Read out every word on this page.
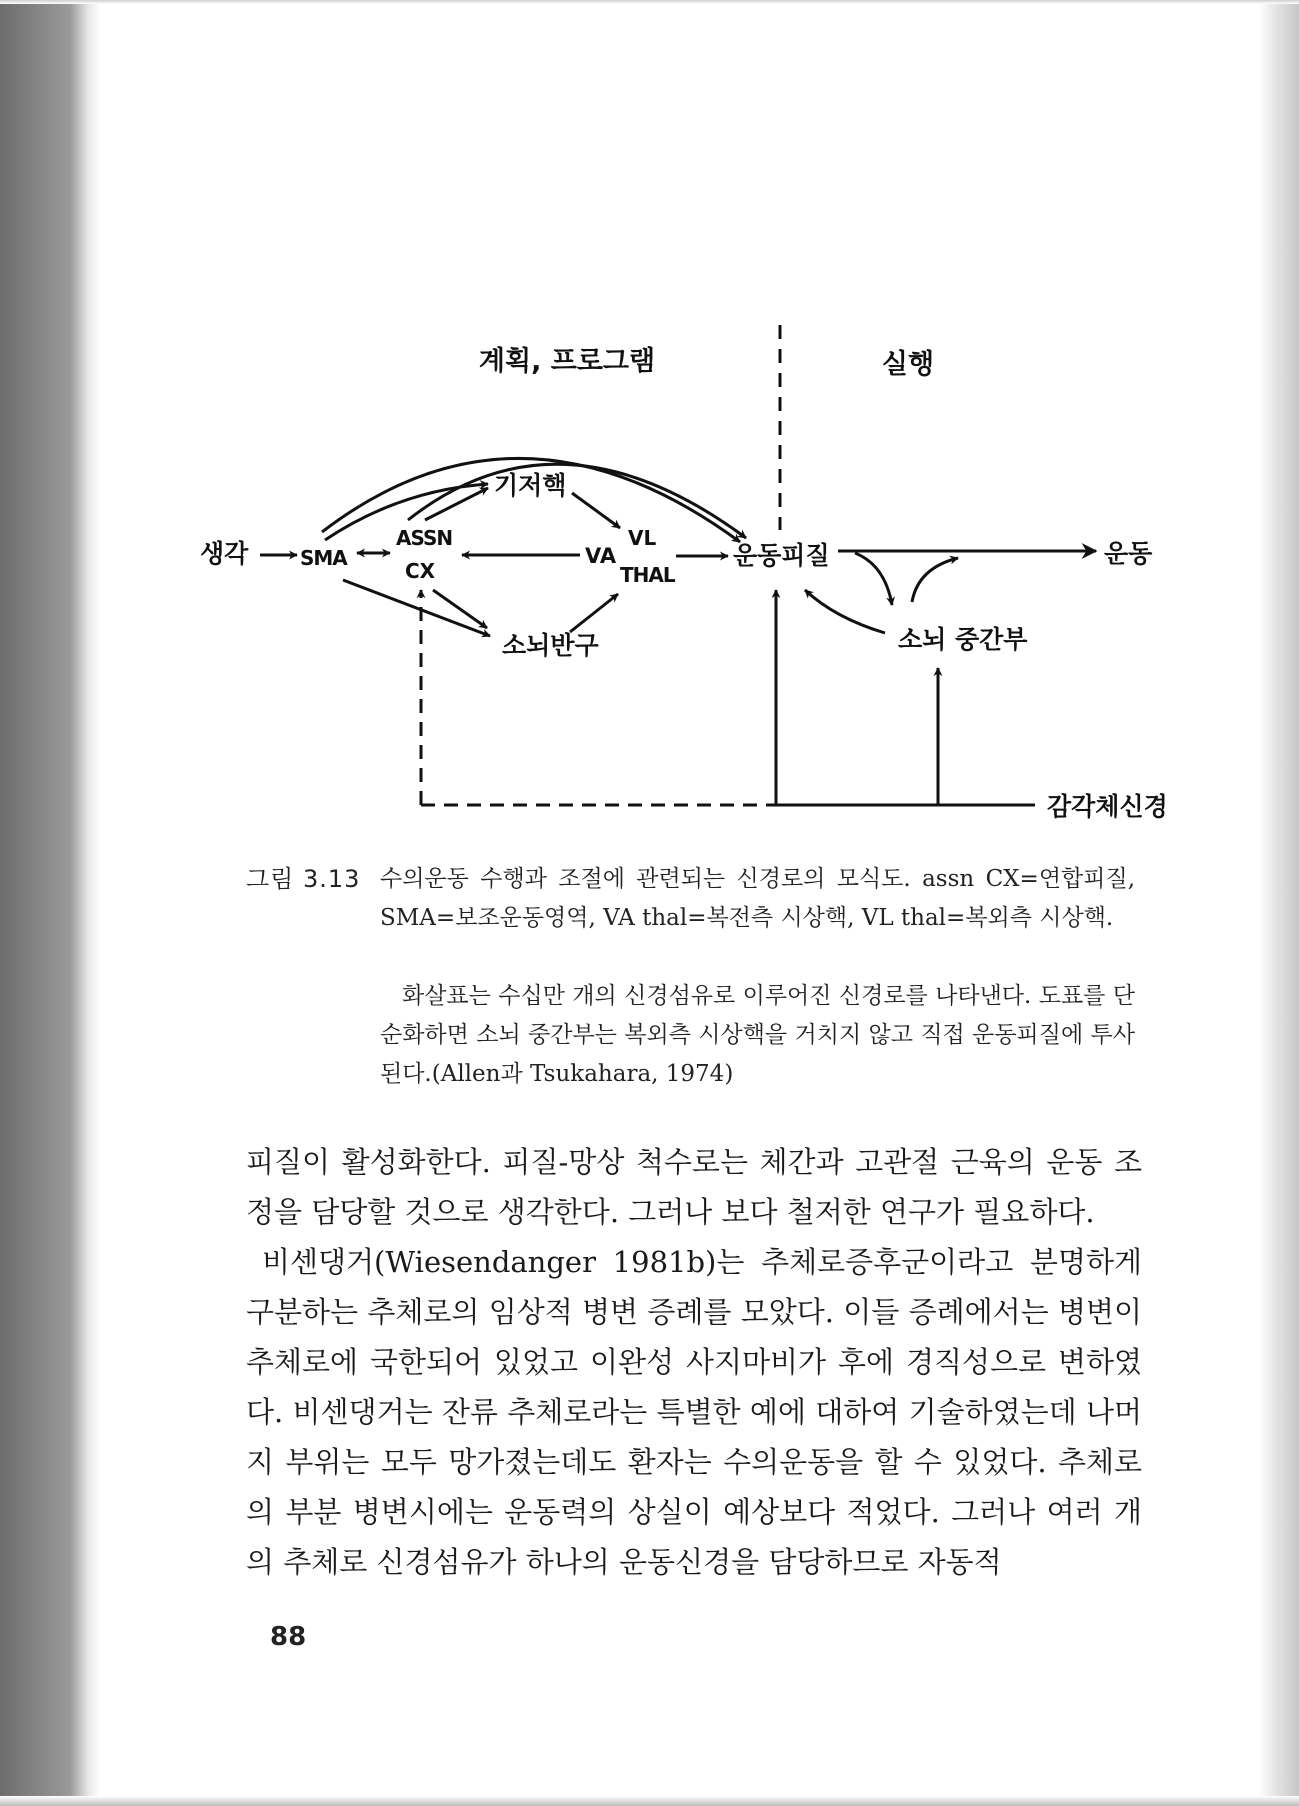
계획, 프로그램	실행
생각	SMA
ASSN
CX
기저핵
VA
VL
THAL
운동피질	운동
소뇌반구	소뇌 중간부
감각체신경
그림 3.13 수의운동 수행과 조절에 관련되는 신경로의 모식도. assn CX=연합피질, SMA=보조운동영역, VA thal=복전측 시상핵, VL thal=복외측 시상핵.
화살표는 수십만 개의 신경섬유로 이루어진 신경로를 나타낸다. 도표를 단순화하면 소뇌 중간부는 복외측 시상핵을 거치지 않고 직접 운동피질에 투사된다.(Allen과 Tsukahara, 1974)

피질이 활성화한다. 피질-망상 척수로는 체간과 고관절 근육의 운동 조정을 담당할 것으로 생각한다. 그러나 보다 철저한 연구가 필요하다.

비센댕거(Wiesendanger 1981b)는 추체로증후군이라고 분명하게 구분하는 추체로의 임상적 병변 증례를 모았다. 이들 증례에서는 병변이 추체로에 국한되어 있었고 이완성 사지마비가 후에 경직성으로 변하였다. 비센댕거는 잔류 추체로라는 특별한 예에 대하여 기술하였는데 나머지 부위는 모두 망가졌는데도 환자는 수의운동을 할 수 있었다. 추체로의 부분 병변시에는 운동력의 상실이 예상보다 적었다. 그러나 여러 개의 추체로 신경섬유가 하나의 운동신경을 담당하므로 자동적

88
